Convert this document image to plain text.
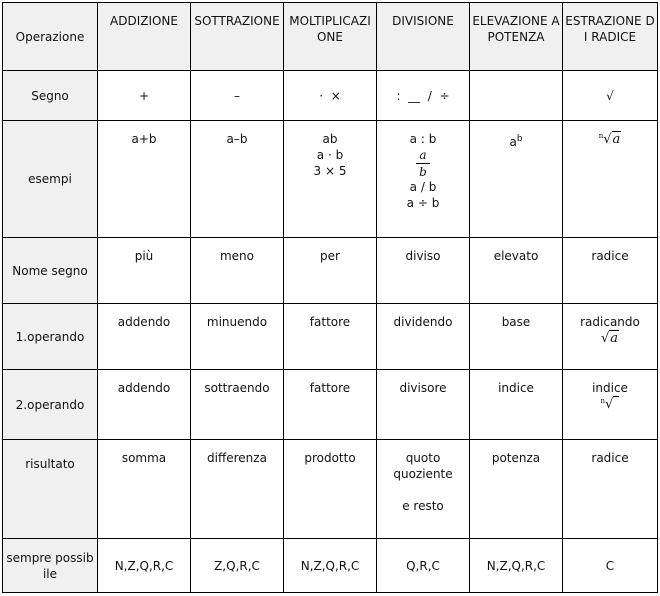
Operazione	ADDIZIONE	SOTTRAZIONE	MOLTIPLICAZIONE	DIVISIONE	ELEVAZIONE A POTENZA	ESTRAZIONE DI RADICE
Segno	+	–	·  ×	:  __  /  ÷		√
esempi	a+b	a–b	ab
a · b
3 × 5	a : b
$\frac{a}{b}$
a / b
a ÷ b	$a^b$	$^n$√a
Nome segno	più	meno	per	diviso	elevato	radice
1.operando	addendo	minuendo	fattore	dividendo	base	radicando
√a
2.operando	addendo	sottraendo	fattore	divisore	indice	indice
$^n$√
risultato	somma	differenza	prodotto	quoto
quoziente
e resto	potenza	radice
sempre possibile	N,Z,Q,R,C	Z,Q,R,C	N,Z,Q,R,C	Q,R,C	N,Z,Q,R,C	C
